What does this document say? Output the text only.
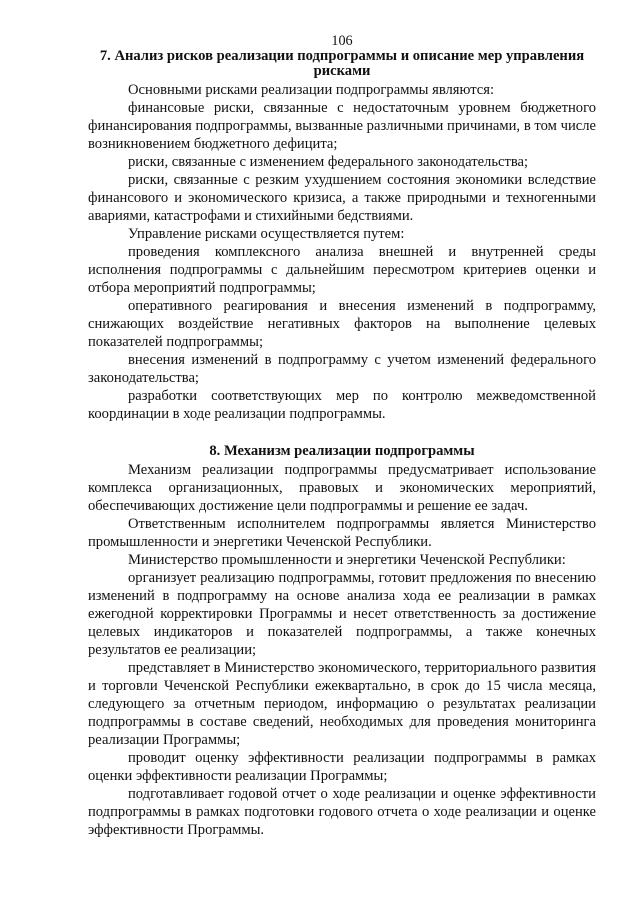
106
7. Анализ рисков реализации подпрограммы и описание мер управления рисками

Основными рисками реализации подпрограммы являются:

финансовые риски, связанные с недостаточным уровнем бюджетного финансирования подпрограммы, вызванные различными причинами, в том числе возникновением бюджетного дефицита;

риски, связанные с изменением федерального законодательства;

риски, связанные с резким ухудшением состояния экономики вследствие финансового и экономического кризиса, а также природными и техногенными авариями, катастрофами и стихийными бедствиями.

Управление рисками осуществляется путем:

проведения комплексного анализа внешней и внутренней среды исполнения подпрограммы с дальнейшим пересмотром критериев оценки и отбора мероприятий подпрограммы;

оперативного реагирования и внесения изменений в подпрограмму, снижающих воздействие негативных факторов на выполнение целевых показателей подпрограммы;

внесения изменений в подпрограмму с учетом изменений федерального законодательства;

разработки соответствующих мер по контролю межведомственной координации в ходе реализации подпрограммы.

8. Механизм реализации подпрограммы

Механизм реализации подпрограммы предусматривает использование комплекса организационных, правовых и экономических мероприятий, обеспечивающих достижение цели подпрограммы и решение ее задач.

Ответственным исполнителем подпрограммы является Министерство промышленности и энергетики Чеченской Республики.

Министерство промышленности и энергетики Чеченской Республики:

организует реализацию подпрограммы, готовит предложения по внесению изменений в подпрограмму на основе анализа хода ее реализации в рамках ежегодной корректировки Программы и несет ответственность за достижение целевых индикаторов и показателей подпрограммы, а также конечных результатов ее реализации;

представляет в Министерство экономического, территориального развития и торговли Чеченской Республики ежеквартально, в срок до 15 числа месяца, следующего за отчетным периодом, информацию о результатах реализации подпрограммы в составе сведений, необходимых для проведения мониторинга реализации Программы;

проводит оценку эффективности реализации подпрограммы в рамках оценки эффективности реализации Программы;

подготавливает годовой отчет о ходе реализации и оценке эффективности подпрограммы в рамках подготовки годового отчета о ходе реализации и оценке эффективности Программы.
